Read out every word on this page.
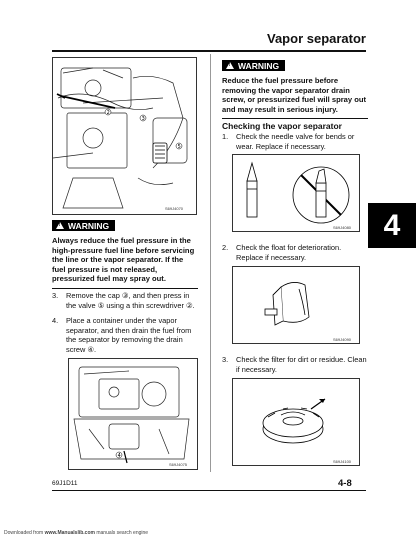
Vapor separator
2
3
5
S69J4070
!
WARNING
Always reduce the fuel pressure in the high-pressure fuel line before servicing the line or the vapor separator. If the fuel pressure is not released, pressurized fuel may spray out.
3.	Remove the cap ③, and then press in the valve ⑤ using a thin screwdriver ②.
4.	Place a container under the vapor separator, and then drain the fuel from the separator by removing the drain screw ④.
4
S69J4075
!
WARNING
Reduce the fuel pressure before removing the vapor separator drain screw, or pressurized fuel will spray out and may result in serious injury.
Checking the vapor separator
1.	Check the needle valve for bends or wear. Replace if necessary.
S69J4080
2.	Check the float for deterioration. Replace if necessary.
S69J4090
3.	Check the filter for dirt or residue. Clean if necessary.
S69J4100
4
69J1D11	4-8
Downloaded from www.Manualslib.com manuals search engine
